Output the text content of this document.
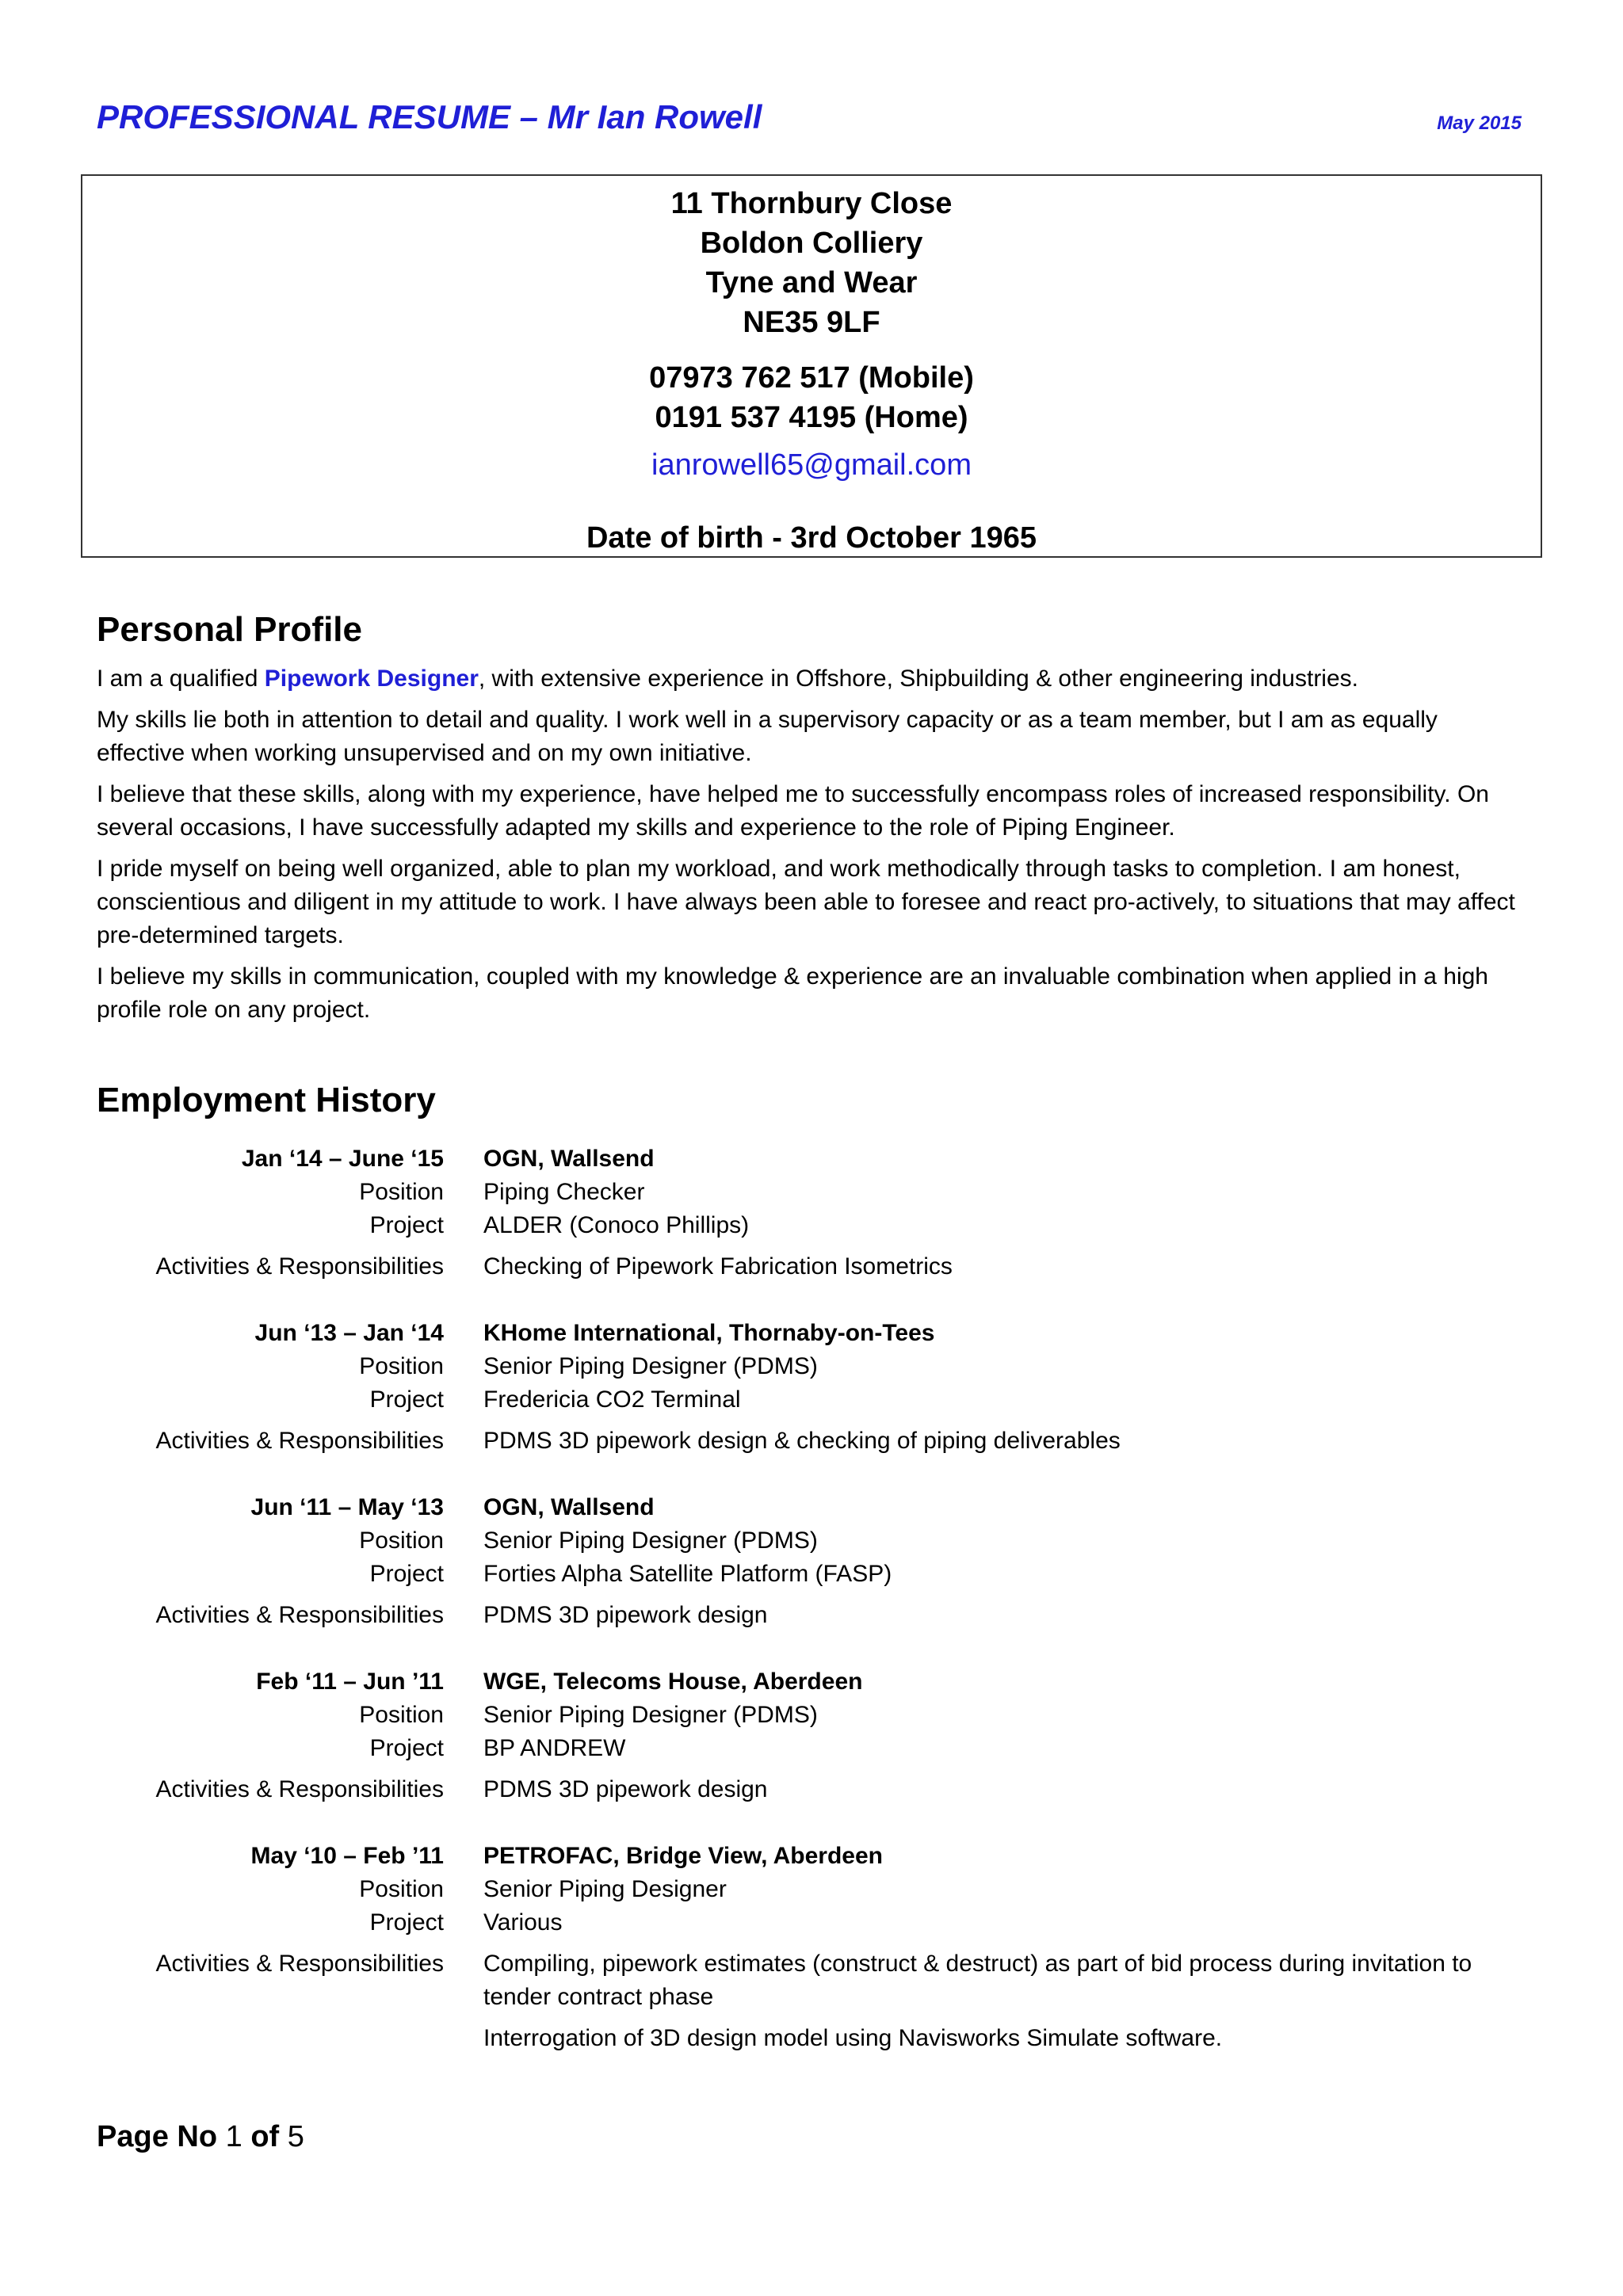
PROFESSIONAL RESUME – Mr Ian Rowell	May 2015
11 Thornbury Close
Boldon Colliery
Tyne and Wear
NE35 9LF
07973 762 517 (Mobile)
0191 537 4195 (Home)
ianrowell65@gmail.com
Date of birth - 3rd October 1965
Personal Profile

I am a qualified Pipework Designer, with extensive experience in Offshore, Shipbuilding & other engineering industries.

My skills lie both in attention to detail and quality. I work well in a supervisory capacity or as a team member, but I am as equally effective when working unsupervised and on my own initiative.

I believe that these skills, along with my experience, have helped me to successfully encompass roles of increased responsibility. On several occasions, I have successfully adapted my skills and experience to the role of Piping Engineer.

I pride myself on being well organized, able to plan my workload, and work methodically through tasks to completion. I am honest, conscientious and diligent in my attitude to work. I have always been able to foresee and react pro-actively, to situations that may affect pre-determined targets.

I believe my skills in communication, coupled with my knowledge & experience are an invaluable combination when applied in a high profile role on any project.

Employment History
Jan ‘14 – June ‘15 OGN, Wallsend
Position Piping Checker
Project ALDER (Conoco Phillips)
Activities & Responsibilities Checking of Pipework Fabrication Isometrics
Jun ‘13 – Jan ‘14 KHome International, Thornaby-on-Tees
Position Senior Piping Designer (PDMS)
Project Fredericia CO2 Terminal
Activities & Responsibilities PDMS 3D pipework design & checking of piping deliverables
Jun ‘11 – May ‘13 OGN, Wallsend
Position Senior Piping Designer (PDMS)
Project Forties Alpha Satellite Platform (FASP)
Activities & Responsibilities PDMS 3D pipework design
Feb ‘11 – Jun ’11 WGE, Telecoms House, Aberdeen
Position Senior Piping Designer (PDMS)
Project BP ANDREW
Activities & Responsibilities PDMS 3D pipework design
May ‘10 – Feb ’11 PETROFAC, Bridge View, Aberdeen
Position Senior Piping Designer
Project Various
Activities & Responsibilities Compiling, pipework estimates (construct & destruct) as part of bid process during invitation to tender contract phase
Interrogation of 3D design model using Navisworks Simulate software.
Page No 1 of 5
